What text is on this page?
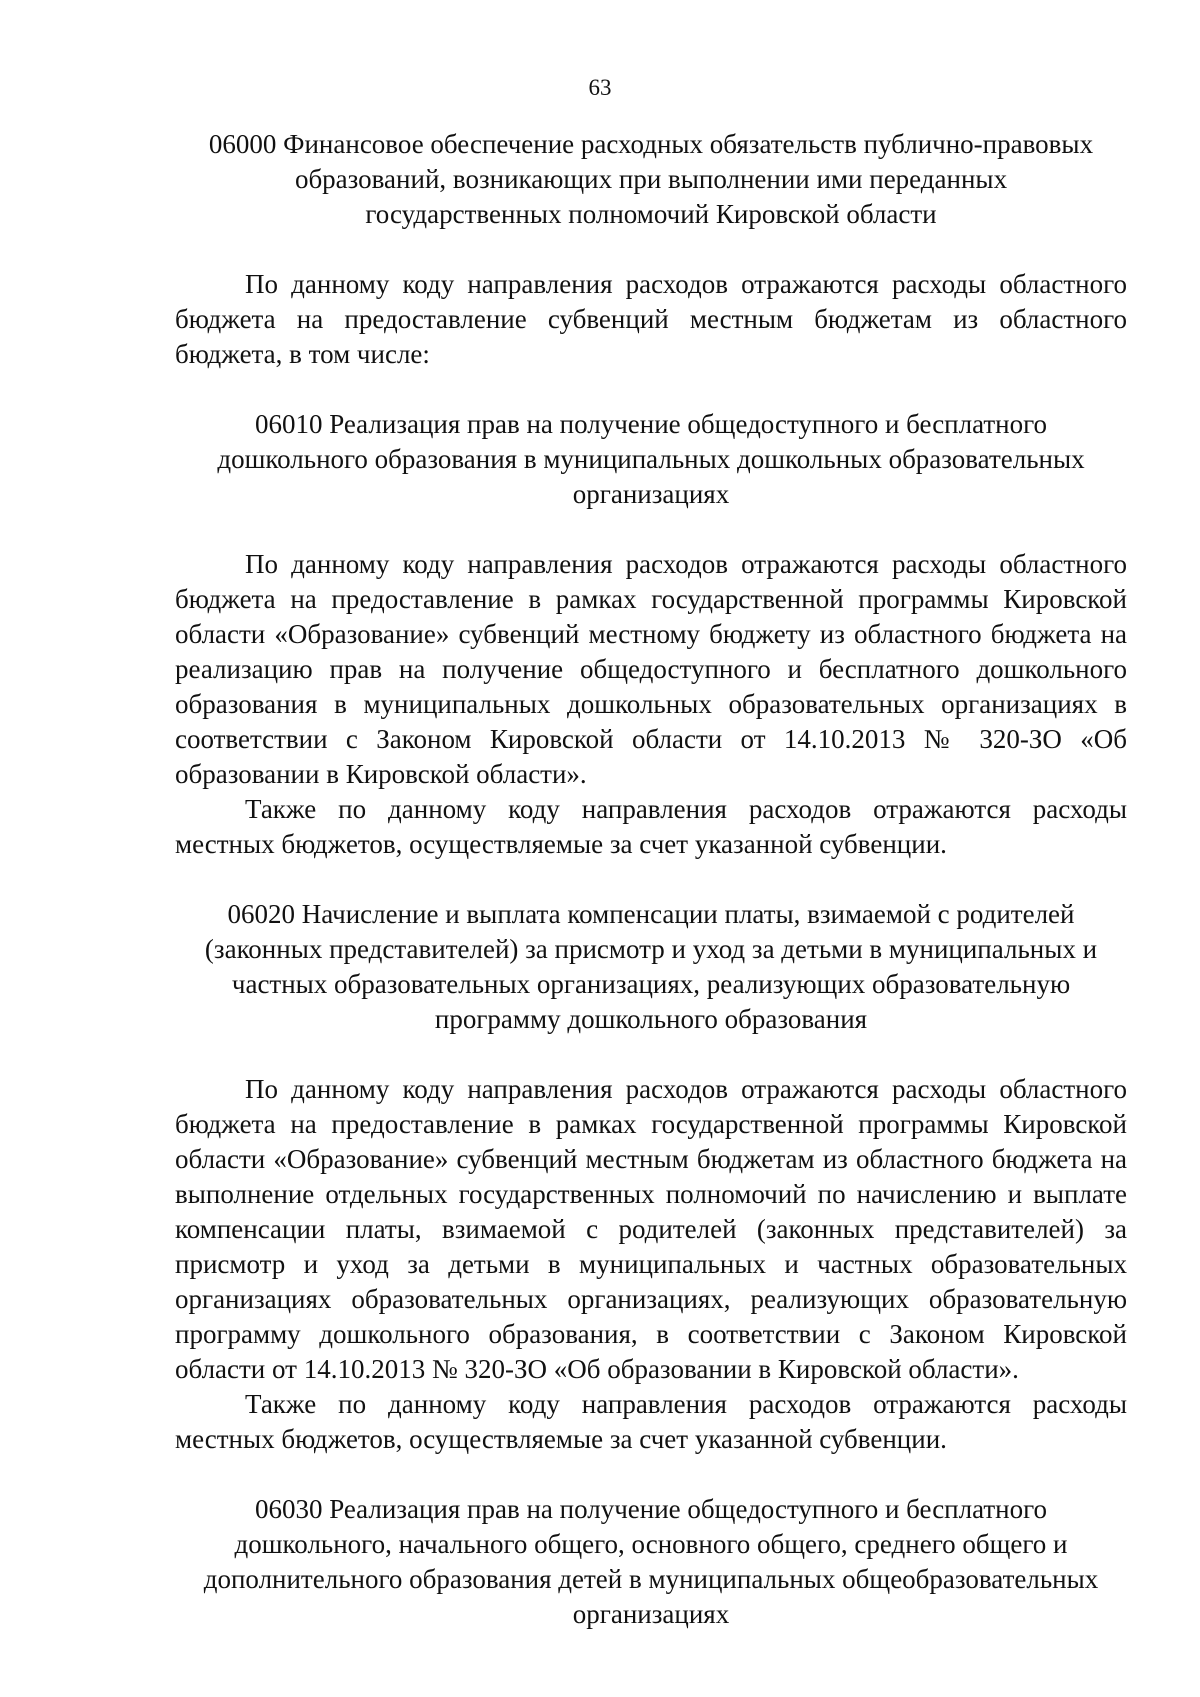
63
06000 Финансовое обеспечение расходных обязательств публично-правовых
образований, возникающих при выполнении ими переданных
государственных полномочий Кировской области

По данному коду направления расходов отражаются расходы областного бюджета на предоставление субвенций местным бюджетам из областного бюджета, в том числе:

06010 Реализация прав на получение общедоступного и бесплатного
дошкольного образования в муниципальных дошкольных образовательных
организациях

По данному коду направления расходов отражаются расходы областного бюджета на предоставление в рамках государственной программы Кировской области «Образование» субвенций местному бюджету из областного бюджета на реализацию прав на получение общедоступного и бесплатного дошкольного образования в муниципальных дошкольных образовательных организациях в соответствии с Законом Кировской области от 14.10.2013 № 320-ЗО «Об образовании в Кировской области».

Также по данному коду направления расходов отражаются расходы местных бюджетов, осуществляемые за счет указанной субвенции.

06020 Начисление и выплата компенсации платы, взимаемой с родителей
(законных представителей) за присмотр и уход за детьми в муниципальных и
частных образовательных организациях, реализующих образовательную
программу дошкольного образования

По данному коду направления расходов отражаются расходы областного бюджета на предоставление в рамках государственной программы Кировской области «Образование» субвенций местным бюджетам из областного бюджета на выполнение отдельных государственных полномочий по начислению и выплате компенсации платы, взимаемой с родителей (законных представителей) за присмотр и уход за детьми в муниципальных и частных образовательных организациях образовательных организациях, реализующих образовательную программу дошкольного образования, в соответствии с Законом Кировской области от 14.10.2013 № 320-ЗО «Об образовании в Кировской области».

Также по данному коду направления расходов отражаются расходы местных бюджетов, осуществляемые за счет указанной субвенции.

06030 Реализация прав на получение общедоступного и бесплатного
дошкольного, начального общего, основного общего, среднего общего и
дополнительного образования детей в муниципальных общеобразовательных
организациях
